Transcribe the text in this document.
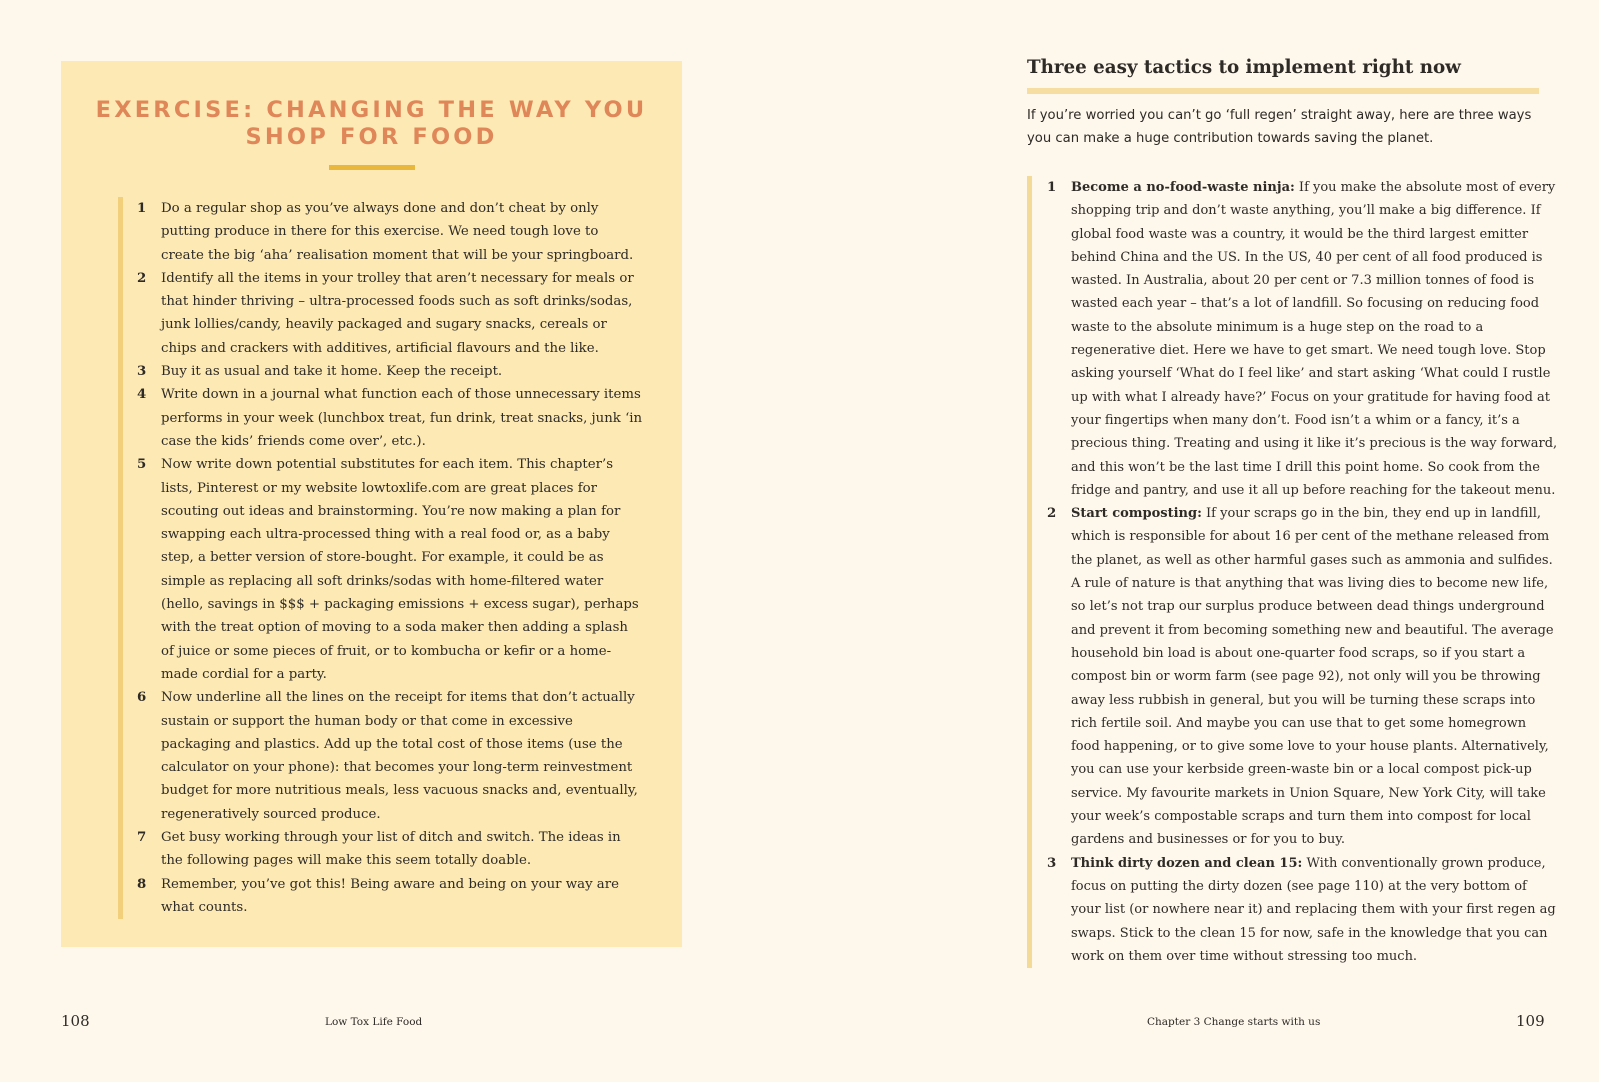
EXERCISE: CHANGING THE WAY YOU SHOP FOR FOOD
1	Do a regular shop as you’ve always done and don’t cheat by only putting produce in there for this exercise. We need tough love to create the big ‘aha’ realisation moment that will be your springboard.
2	Identify all the items in your trolley that aren’t necessary for meals or that hinder thriving – ultra-processed foods such as soft drinks/sodas, junk lollies/candy, heavily packaged and sugary snacks, cereals or chips and crackers with additives, artificial flavours and the like.
3	Buy it as usual and take it home. Keep the receipt.
4	Write down in a journal what function each of those unnecessary items performs in your week (lunchbox treat, fun drink, treat snacks, junk ‘in case the kids’ friends come over’, etc.).
5	Now write down potential substitutes for each item. This chapter’s lists, Pinterest or my website lowtoxlife.com are great places for scouting out ideas and brainstorming. You’re now making a plan for swapping each ultra-processed thing with a real food or, as a baby step, a better version of store-bought. For example, it could be as simple as replacing all soft drinks/sodas with home-filtered water (hello, savings in $$$ + packaging emissions + excess sugar), perhaps with the treat option of moving to a soda maker then adding a splash of juice or some pieces of fruit, or to kombucha or kefir or a home-made cordial for a party.
6	Now underline all the lines on the receipt for items that don’t actually sustain or support the human body or that come in excessive packaging and plastics. Add up the total cost of those items (use the calculator on your phone): that becomes your long-term reinvestment budget for more nutritious meals, less vacuous snacks and, eventually, regeneratively sourced produce.
7	Get busy working through your list of ditch and switch. The ideas in the following pages will make this seem totally doable.
8	Remember, you’ve got this! Being aware and being on your way are what counts.
108	Low Tox Life Food
Three easy tactics to implement right now

If you’re worried you can’t go ‘full regen’ straight away, here are three ways you can make a huge contribution towards saving the planet.

1	Become a no-food-waste ninja: If you make the absolute most of every shopping trip and don’t waste anything, you’ll make a big difference. If global food waste was a country, it would be the third largest emitter behind China and the US. In the US, 40 per cent of all food produced is wasted. In Australia, about 20 per cent or 7.3 million tonnes of food is wasted each year – that’s a lot of landfill. So focusing on reducing food waste to the absolute minimum is a huge step on the road to a regenerative diet. Here we have to get smart. We need tough love. Stop asking yourself ‘What do I feel like’ and start asking ‘What could I rustle up with what I already have?’ Focus on your gratitude for having food at your fingertips when many don’t. Food isn’t a whim or a fancy, it’s a precious thing. Treating and using it like it’s precious is the way forward, and this won’t be the last time I drill this point home. So cook from the fridge and pantry, and use it all up before reaching for the takeout menu.
2	Start composting: If your scraps go in the bin, they end up in landfill, which is responsible for about 16 per cent of the methane released from the planet, as well as other harmful gases such as ammonia and sulfides. A rule of nature is that anything that was living dies to become new life, so let’s not trap our surplus produce between dead things underground and prevent it from becoming something new and beautiful. The average household bin load is about one-quarter food scraps, so if you start a compost bin or worm farm (see page 92), not only will you be throwing away less rubbish in general, but you will be turning these scraps into rich fertile soil. And maybe you can use that to get some homegrown food happening, or to give some love to your house plants. Alternatively, you can use your kerbside green-waste bin or a local compost pick-up service. My favourite markets in Union Square, New York City, will take your week’s compostable scraps and turn them into compost for local gardens and businesses or for you to buy.
3	Think dirty dozen and clean 15: With conventionally grown produce, focus on putting the dirty dozen (see page 110) at the very bottom of your list (or nowhere near it) and replacing them with your first regen ag swaps. Stick to the clean 15 for now, safe in the knowledge that you can work on them over time without stressing too much.
Chapter 3 Change starts with us	109
